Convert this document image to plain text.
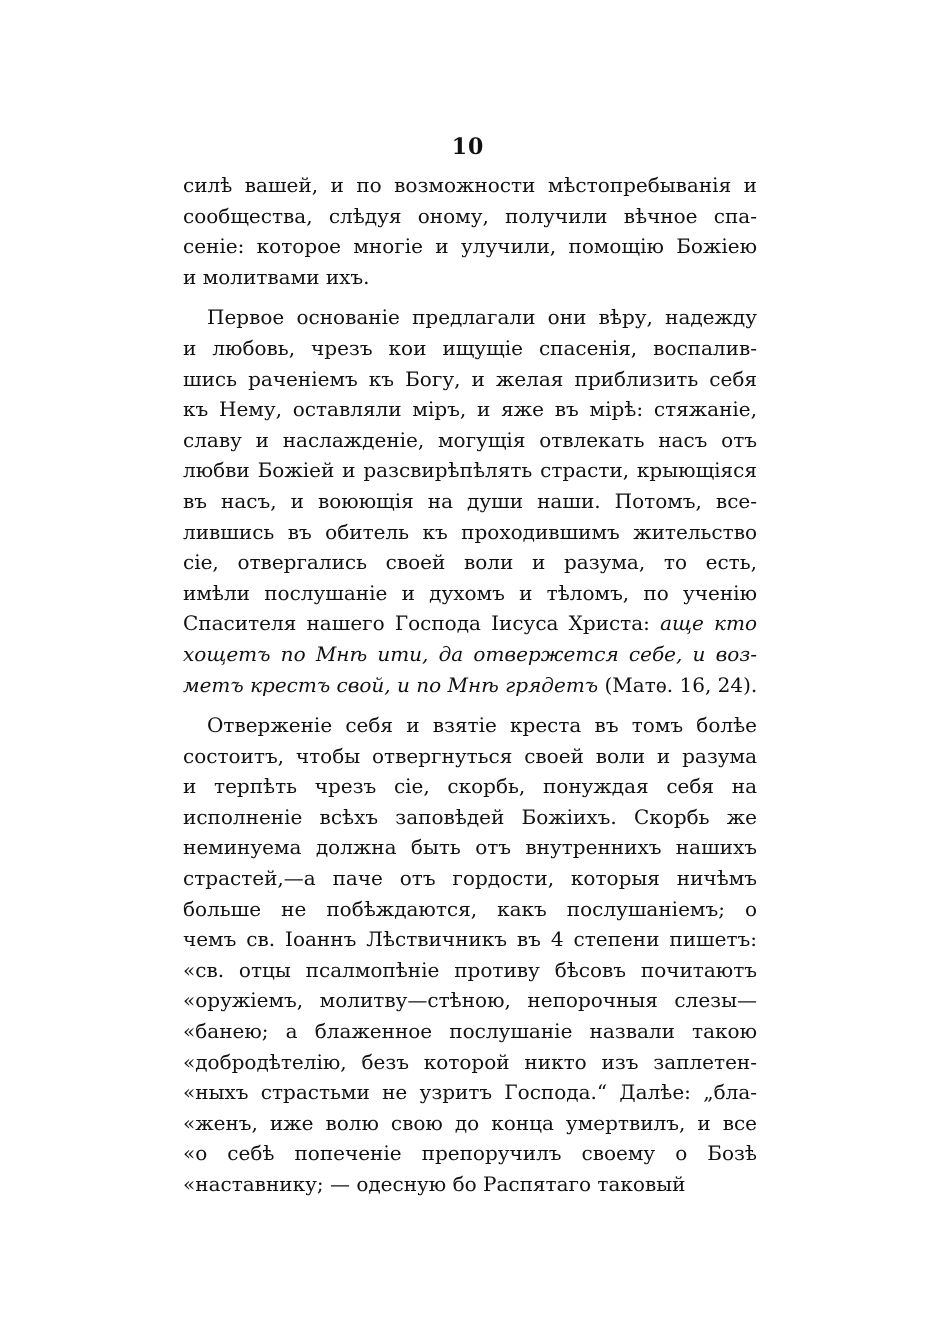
10
силѣ вашей, и по возможности мѣстопребыванія и
сообщества, слѣдуя оному, получили вѣчное спа-
сеніе: которое многіе и улучили, помощію Божіею
и молитвами ихъ.
Первое основаніе предлагали они вѣру, надежду
и любовь, чрезъ кои ищущіе спасенія, воспалив-
шись раченіемъ къ Богу, и желая приблизить себя
къ Нему, оставляли міръ, и яже въ мірѣ: стяжаніе,
славу и наслажденіе, могущія отвлекать насъ отъ
любви Божіей и разсвирѣпѣлять страсти, крыющіяся
въ насъ, и воюющія на души наши. Потомъ, все-
лившись въ обитель къ проходившимъ жительство
сіе, отвергались своей воли и разума, то есть,
имѣли послушаніе и духомъ и тѣломъ, по ученію
Спасителя нашего Господа Іисуса Христа: аще кто
хощетъ по Мнѣ ити, да отвержется себе, и воз-
метъ крестъ свой, и по Мнѣ грядетъ (Матѳ. 16, 24).
Отверженіе себя и взятіе креста въ томъ болѣе
состоитъ, чтобы отвергнуться своей воли и разума
и терпѣть чрезъ сіе, скорбь, понуждая себя на
исполненіе всѣхъ заповѣдей Божіихъ. Скорбь же
неминуема должна быть отъ внутреннихъ нашихъ
страстей,—а паче отъ гордости, которыя ничѣмъ
больше не побѣждаются, какъ послушаніемъ; о
чемъ св. Іоаннъ Лѣствичникъ въ 4 степени пишетъ:
«св. отцы псалмопѣніе противу бѣсовъ почитаютъ
«оружіемъ, молитву—стѣною, непорочныя слезы—
«банею; а блаженное послушаніе назвали такою
«добродѣтелію, безъ которой никто изъ заплетен-
«ныхъ страстьми не узритъ Господа.“ Далѣе: „бла-
«женъ, иже волю свою до конца умертвилъ, и все
«о себѣ попеченіе препоручилъ своему о Бозѣ
«наставнику; — одесную бо Распятаго таковый
